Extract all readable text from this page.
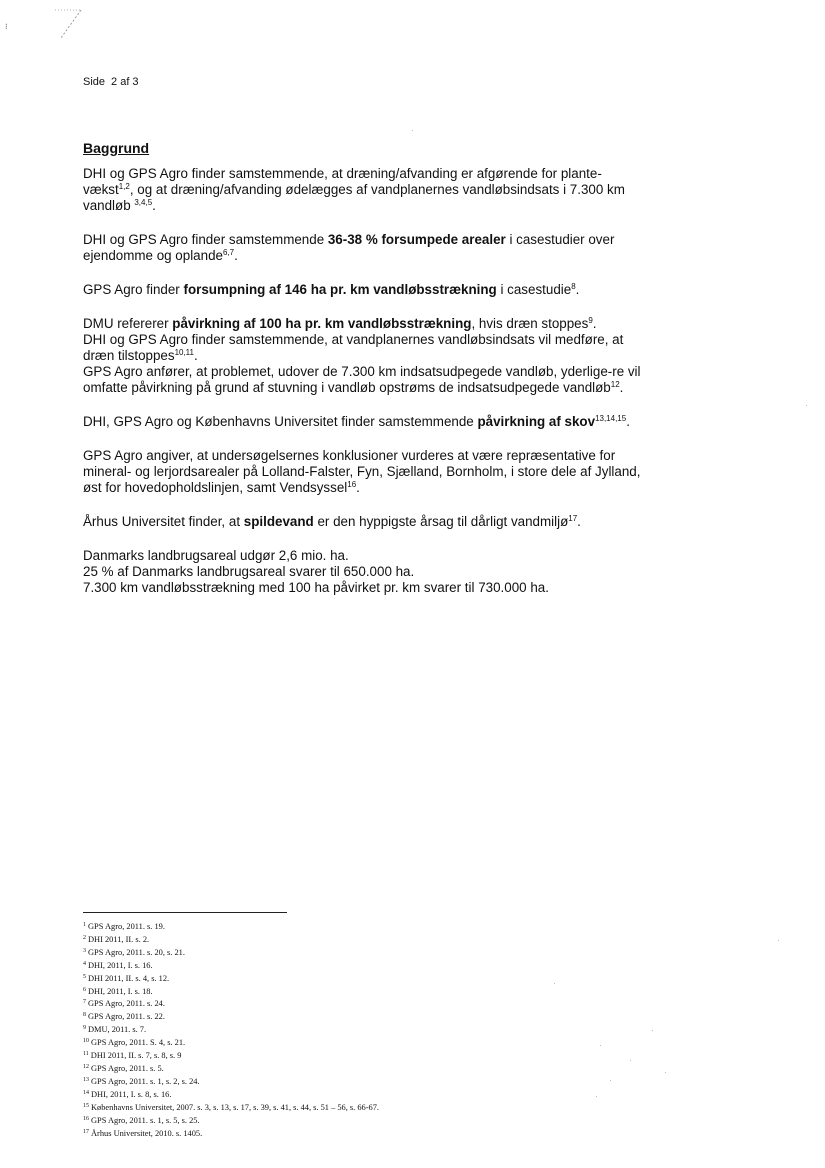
⁝
Side 2 af 3
Baggrund

DHI og GPS Agro finder samstemmende, at dræning/afvanding er afgørende for plante-vækst$^{1,2}$, og at dræning/afvanding ødelægges af vandplanernes vandløbsindsats i 7.300 km vandløb $^{3,4,5}$.

DHI og GPS Agro finder samstemmende 36-38 % forsumpede arealer i casestudier over ejendomme og oplande$^{6,7}$.

GPS Agro finder forsumpning af 146 ha pr. km vandløbsstrækning i casestudie$^8$.

DMU refererer påvirkning af 100 ha pr. km vandløbsstrækning, hvis dræn stoppes$^9$.
DHI og GPS Agro finder samstemmende, at vandplanernes vandløbsindsats vil medføre, at dræn tilstoppes$^{10,11}$.
GPS Agro anfører, at problemet, udover de 7.300 km indsatsudpegede vandløb, yderlige-re vil omfatte påvirkning på grund af stuvning i vandløb opstrøms de indsatsudpegede vandløb$^{12}$.

DHI, GPS Agro og Københavns Universitet finder samstemmende påvirkning af skov$^{13,14,15}$.

GPS Agro angiver, at undersøgelsernes konklusioner vurderes at være repræsentative for mineral- og lerjordsarealer på Lolland-Falster, Fyn, Sjælland, Bornholm, i store dele af Jylland, øst for hovedopholdslinjen, samt Vendsyssel$^{16}$.

Århus Universitet finder, at spildevand er den hyppigste årsag til dårligt vandmiljø$^{17}$.

Danmarks landbrugsareal udgør 2,6 mio. ha.
25 % af Danmarks landbrugsareal svarer til 650.000 ha.
7.300 km vandløbsstrækning med 100 ha påvirket pr. km svarer til 730.000 ha.

$^1$ GPS Agro, 2011. s. 19.
$^2$ DHI 2011, II. s. 2.
$^3$ GPS Agro, 2011. s. 20, s. 21.
$^4$ DHI, 2011, I. s. 16.
$^5$ DHI 2011, II. s. 4, s. 12.
$^6$ DHI, 2011, I. s. 18.
$^7$ GPS Agro, 2011. s. 24.
$^8$ GPS Agro, 2011. s. 22.
$^9$ DMU, 2011. s. 7.
$^{10}$ GPS Agro, 2011. S. 4, s. 21.
$^{11}$ DHI 2011, II. s. 7, s. 8, s. 9
$^{12}$ GPS Agro, 2011. s. 5.
$^{13}$ GPS Agro, 2011. s. 1, s. 2, s. 24.
$^{14}$ DHI, 2011, I. s. 8, s. 16.
$^{15}$ Københavns Universitet, 2007. s. 3, s. 13, s. 17, s. 39, s. 41, s. 44, s. 51 – 56, s. 66-67.
$^{16}$ GPS Agro, 2011. s. 1, s. 5, s. 25.
$^{17}$ Århus Universitet, 2010. s. 1405.
